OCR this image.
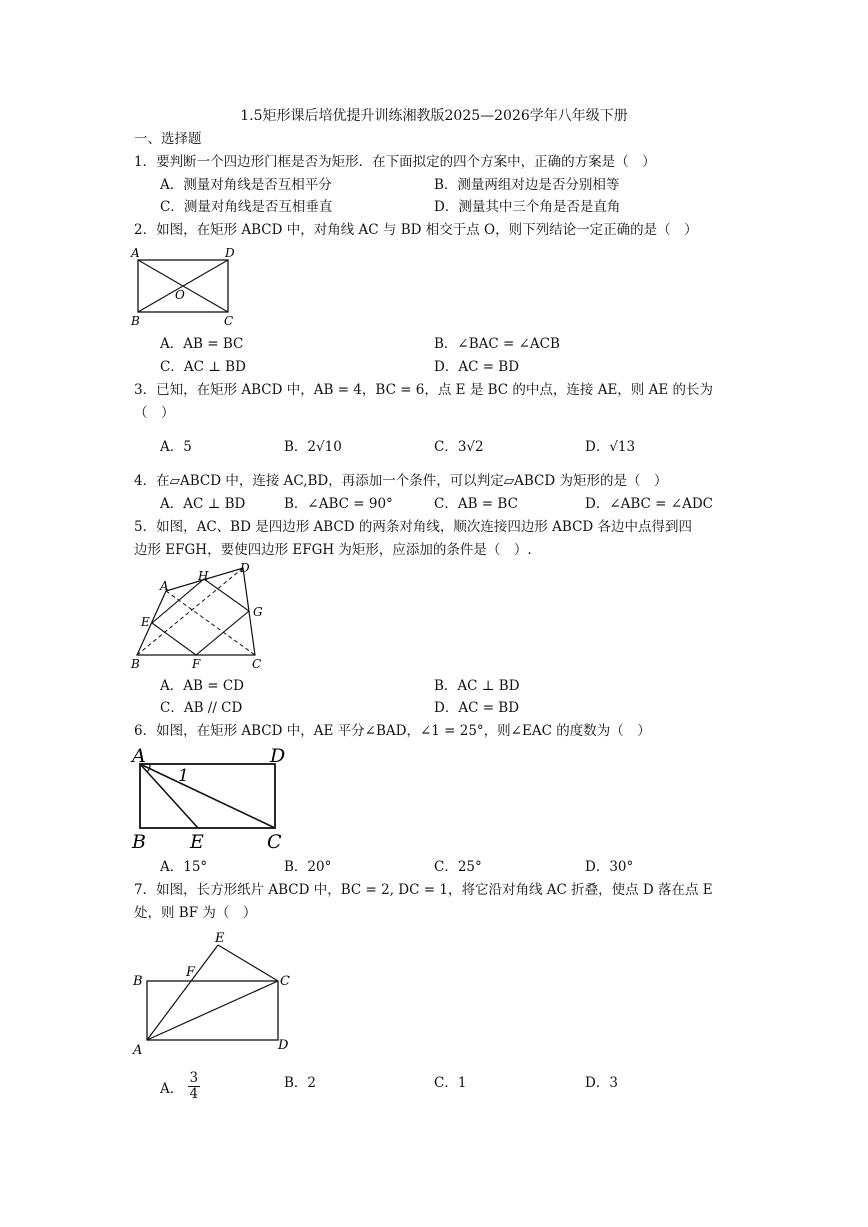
1.5矩形课后培优提升训练湘教版2025—2026学年八年级下册
一、选择题
1．要判断一个四边形门框是否为矩形．在下面拟定的四个方案中，正确的方案是（　）
A．测量对角线是否互相平分	B．测量两组对边是否分别相等
C．测量对角线是否互相垂直	D．测量其中三个角是否是直角
2．如图，在矩形 ABCD 中，对角线 AC 与 BD 相交于点 O，则下列结论一定正确的是（　）
A	D
O
B	C
A．AB = BC	B．∠BAC = ∠ACB
C．AC ⊥ BD	D．AC = BD
3．已知，在矩形 ABCD 中，AB = 4，BC = 6，点 E 是 BC 的中点，连接 AE，则 AE 的长为
（　）
A．5	B．2√10	C．3√2	D．√13
4．在▱ABCD 中，连接 AC,BD，再添加一个条件，可以判定▱ABCD 为矩形的是（　）
A．AC ⊥ BD	B．∠ABC = 90°	C．AB = BC	D．∠ABC = ∠ADC
5．如图，AC、BD 是四边形 ABCD 的两条对角线，顺次连接四边形 ABCD 各边中点得到四
边形 EFGH，要使四边形 EFGH 为矩形，应添加的条件是（　）.
A
H
D
E
G
B	F	C
A．AB = CD	B．AC ⊥ BD
C．AB // CD	D．AC = BD
6．如图，在矩形 ABCD 中，AE 平分∠BAD，∠1 = 25°，则∠EAC 的度数为（　）
A	D
1
B E	C
A．15°	B．20°	C．25°	D．30°
7．如图，长方形纸片 ABCD 中，BC = 2, DC = 1，将它沿对角线 AC 折叠，使点 D 落在点 E
处，则 BF 为（　）
E
B
F
C
A	D
A． $\frac{3}{4}$	B．2	C．1	D．3
